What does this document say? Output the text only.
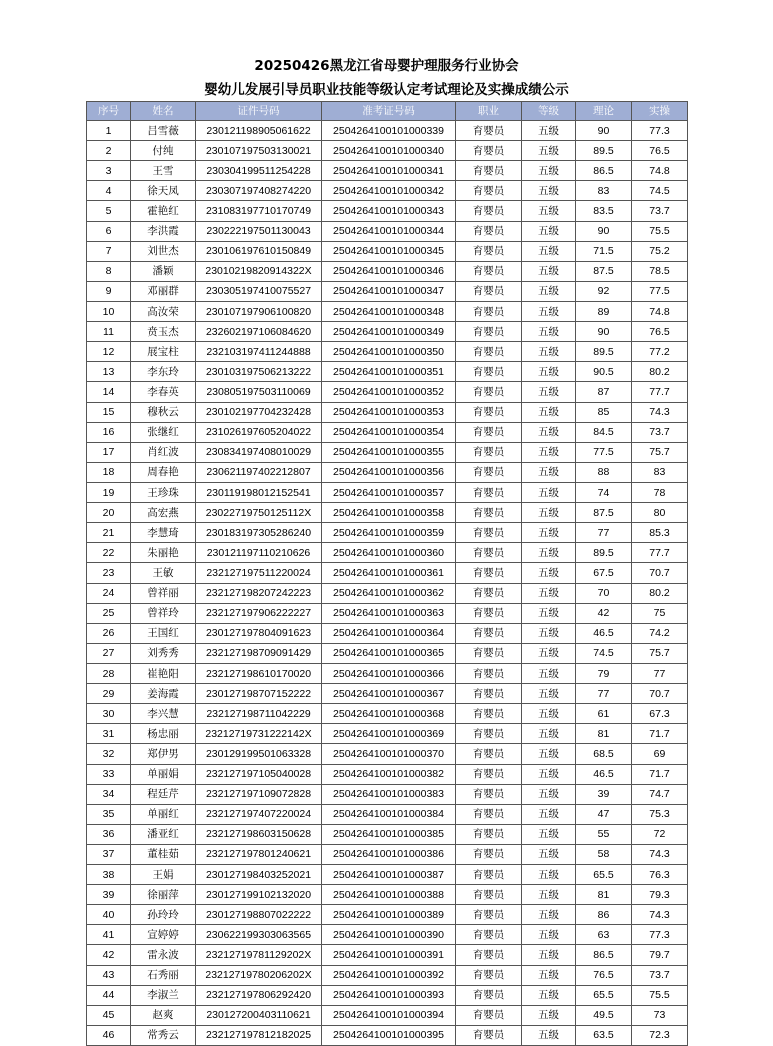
20250426黑龙江省母婴护理服务行业协会
婴幼儿发展引导员职业技能等级认定考试理论及实操成绩公示
序号	姓名	证件号码	准考证号码	职业	等级	理论	实操
1	吕雪薇	230121198905061622	2504264100101000339	育婴员	五级	90	77.3
2	付纯	230107197503130021	2504264100101000340	育婴员	五级	89.5	76.5
3	王雪	230304199511254228	2504264100101000341	育婴员	五级	86.5	74.8
4	徐天凤	230307197408274220	2504264100101000342	育婴员	五级	83	74.5
5	霍艳红	231083197710170749	2504264100101000343	育婴员	五级	83.5	73.7
6	李洪霞	230222197501130043	2504264100101000344	育婴员	五级	90	75.5
7	刘世杰	230106197610150849	2504264100101000345	育婴员	五级	71.5	75.2
8	潘颖	23010219820914322X	2504264100101000346	育婴员	五级	87.5	78.5
9	邓丽群	230305197410075527	2504264100101000347	育婴员	五级	92	77.5
10	高汝荣	230107197906100820	2504264100101000348	育婴员	五级	89	74.8
11	贲玉杰	232602197106084620	2504264100101000349	育婴员	五级	90	76.5
12	展宝柱	232103197411244888	2504264100101000350	育婴员	五级	89.5	77.2
13	李东玲	230103197506213222	2504264100101000351	育婴员	五级	90.5	80.2
14	李春英	230805197503110069	2504264100101000352	育婴员	五级	87	77.7
15	穆秋云	230102197704232428	2504264100101000353	育婴员	五级	85	74.3
16	张继红	231026197605204022	2504264100101000354	育婴员	五级	84.5	73.7
17	肖红波	230834197408010029	2504264100101000355	育婴员	五级	77.5	75.7
18	周春艳	230621197402212807	2504264100101000356	育婴员	五级	88	83
19	王珍珠	230119198012152541	2504264100101000357	育婴员	五级	74	78
20	高宏燕	23022719750125112X	2504264100101000358	育婴员	五级	87.5	80
21	李慧琦	230183197305286240	2504264100101000359	育婴员	五级	77	85.3
22	朱丽艳	230121197110210626	2504264100101000360	育婴员	五级	89.5	77.7
23	王敏	232127197511220024	2504264100101000361	育婴员	五级	67.5	70.7
24	曾祥丽	232127198207242223	2504264100101000362	育婴员	五级	70	80.2
25	曾祥玲	232127197906222227	2504264100101000363	育婴员	五级	42	75
26	王国红	230127197804091623	2504264100101000364	育婴员	五级	46.5	74.2
27	刘秀秀	232127198709091429	2504264100101000365	育婴员	五级	74.5	75.7
28	崔艳阳	232127198610170020	2504264100101000366	育婴员	五级	79	77
29	姜海霞	230127198707152222	2504264100101000367	育婴员	五级	77	70.7
30	李兴慧	232127198711042229	2504264100101000368	育婴员	五级	61	67.3
31	杨忠丽	23212719731222142X	2504264100101000369	育婴员	五级	81	71.7
32	郑伊男	230129199501063328	2504264100101000370	育婴员	五级	68.5	69
33	单丽娟	232127197105040028	2504264100101000382	育婴员	五级	46.5	71.7
34	程廷芹	232127197109072828	2504264100101000383	育婴员	五级	39	74.7
35	单丽红	232127197407220024	2504264100101000384	育婴员	五级	47	75.3
36	潘亚红	232127198603150628	2504264100101000385	育婴员	五级	55	72
37	董桂茹	232127197801240621	2504264100101000386	育婴员	五级	58	74.3
38	王娟	230127198403252021	2504264100101000387	育婴员	五级	65.5	76.3
39	徐丽萍	230127199102132020	2504264100101000388	育婴员	五级	81	79.3
40	孙玲玲	230127198807022222	2504264100101000389	育婴员	五级	86	74.3
41	宣婷婷	230622199303063565	2504264100101000390	育婴员	五级	63	77.3
42	雷永波	23212719781129202X	2504264100101000391	育婴员	五级	86.5	79.7
43	石秀丽	23212719780206202X	2504264100101000392	育婴员	五级	76.5	73.7
44	李淑兰	232127197806292420	2504264100101000393	育婴员	五级	65.5	75.5
45	赵爽	230127200403110621	2504264100101000394	育婴员	五级	49.5	73
46	常秀云	232127197812182025	2504264100101000395	育婴员	五级	63.5	72.3
